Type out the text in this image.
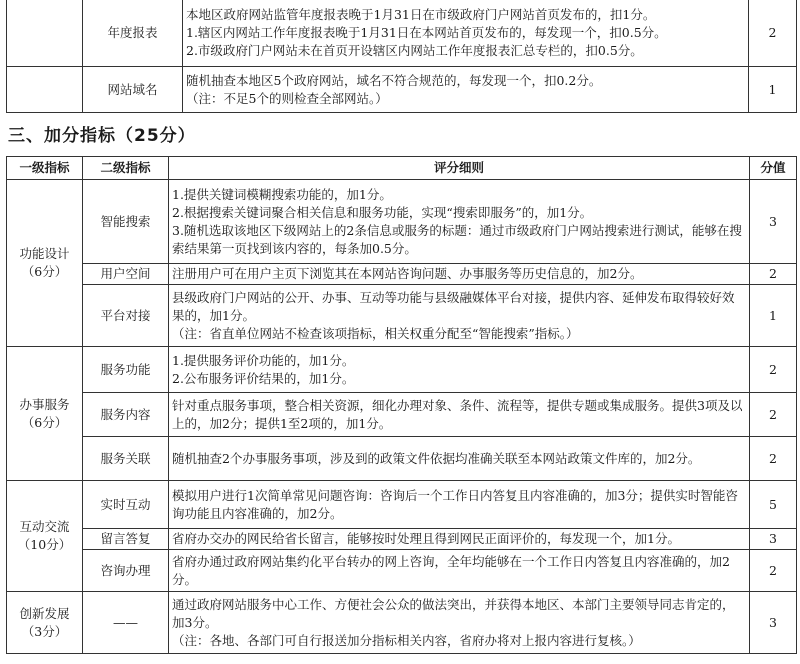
	年度报表	本地区政府网站监管年度报表晚于1月31日在市级政府门户网站首页发布的，扣1分。
1.辖区内网站工作年度报表晚于1月31日在本网站首页发布的，每发现一个，扣0.5分。
2.市级政府门户网站未在首页开设辖区内网站工作年度报表汇总专栏的，扣0.5分。	2
	网站域名	随机抽查本地区5个政府网站，域名不符合规范的，每发现一个，扣0.2分。
（注：不足5个的则检查全部网站。）	1
三、加分指标（25分）
一级指标	二级指标	评分细则	分值

功能设计
（6分）	智能搜索	1.提供关键词模糊搜索功能的，加1分。
2.根据搜索关键词聚合相关信息和服务功能，实现“搜索即服务”的，加1分。
3.随机选取该地区下级网站上的2条信息或服务的标题：通过市级政府门户网站搜索进行测试，能够在搜索结果第一页找到该内容的，每条加0.5分。	3
	用户空间	注册用户可在用户主页下浏览其在本网站咨询问题、办事服务等历史信息的，加2分。	2
	平台对接	县级政府门户网站的公开、办事、互动等功能与县级融媒体平台对接，提供内容、延伸发布取得较好效果的，加1分。
（注：省直单位网站不检查该项指标，相关权重分配至“智能搜索”指标。）	1

办事服务
（6分）	服务功能	1.提供服务评价功能的，加1分。
2.公布服务评价结果的，加1分。	2
	服务内容	针对重点服务事项，整合相关资源，细化办理对象、条件、流程等，提供专题或集成服务。提供3项及以上的，加2分；提供1至2项的，加1分。	2
	服务关联	随机抽查2个办事服务事项，涉及到的政策文件依据均准确关联至本网站政策文件库的，加2分。	2

互动交流
（10分）	实时互动	模拟用户进行1次简单常见问题咨询：咨询后一个工作日内答复且内容准确的，加3分；提供实时智能咨询功能且内容准确的，加2分。	5
	留言答复	省府办交办的网民给省长留言，能够按时处理且得到网民正面评价的，每发现一个，加1分。	3
	咨询办理	省府办通过政府网站集约化平台转办的网上咨询，全年均能够在一个工作日内答复且内容准确的，加2分。	2

创新发展
（3分）	——	通过政府网站服务中心工作、方便社会公众的做法突出，并获得本地区、本部门主要领导同志肯定的，加3分。
（注：各地、各部门可自行报送加分指标相关内容，省府办将对上报内容进行复核。）	3
